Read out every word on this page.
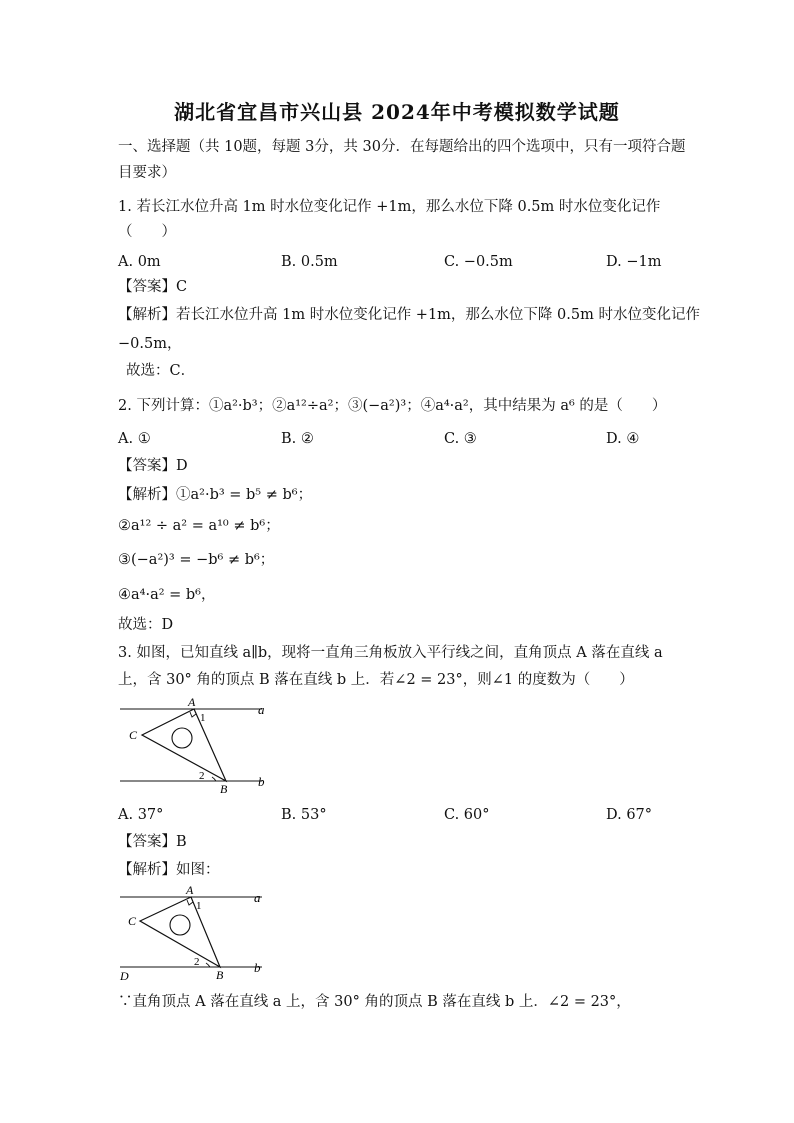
湖北省宜昌市兴山县 2024年中考模拟数学试题
一、选择题（共 10题，每题 3分，共 30分．在每题给出的四个选项中，只有一项符合题
目要求）
1. 若长江水位升高 1m 时水位变化记作 +1m，那么水位下降 0.5m 时水位变化记作
（　　）
A. 0m	B. 0.5m	C. −0.5m	D. −1m
【答案】C
【解析】若长江水位升高 1m 时水位变化记作 +1m，那么水位下降 0.5m 时水位变化记作
−0.5m，
故选：C．
2. 下列计算：①a²·b³；②a¹²÷a²；③(−a²)³；④a⁴·a²，其中结果为 a⁶ 的是（　　）
A. ①	B. ②	C. ③	D. ④
【答案】D
【解析】①a²·b³ = b⁵ ≠ b⁶；
②a¹² ÷ a² = a¹⁰ ≠ b⁶；
③(−a²)³ = −b⁶ ≠ b⁶；
④a⁴·a² = b⁶，
故选：D
3. 如图，已知直线 a∥b，现将一直角三角板放入平行线之间，直角顶点 A 落在直线 a
上，含 30° 角的顶点 B 落在直线 b 上．若∠2 = 23°，则∠1 的度数为（　　）
a
b
A
B
C
1
2
A. 37°	B. 53°	C. 60°	D. 67°
【答案】B
【解析】如图：
a
b
A
B
C
D
1
2
∵直角顶点 A 落在直线 a 上，含 30° 角的顶点 B 落在直线 b 上．∠2 = 23°，
